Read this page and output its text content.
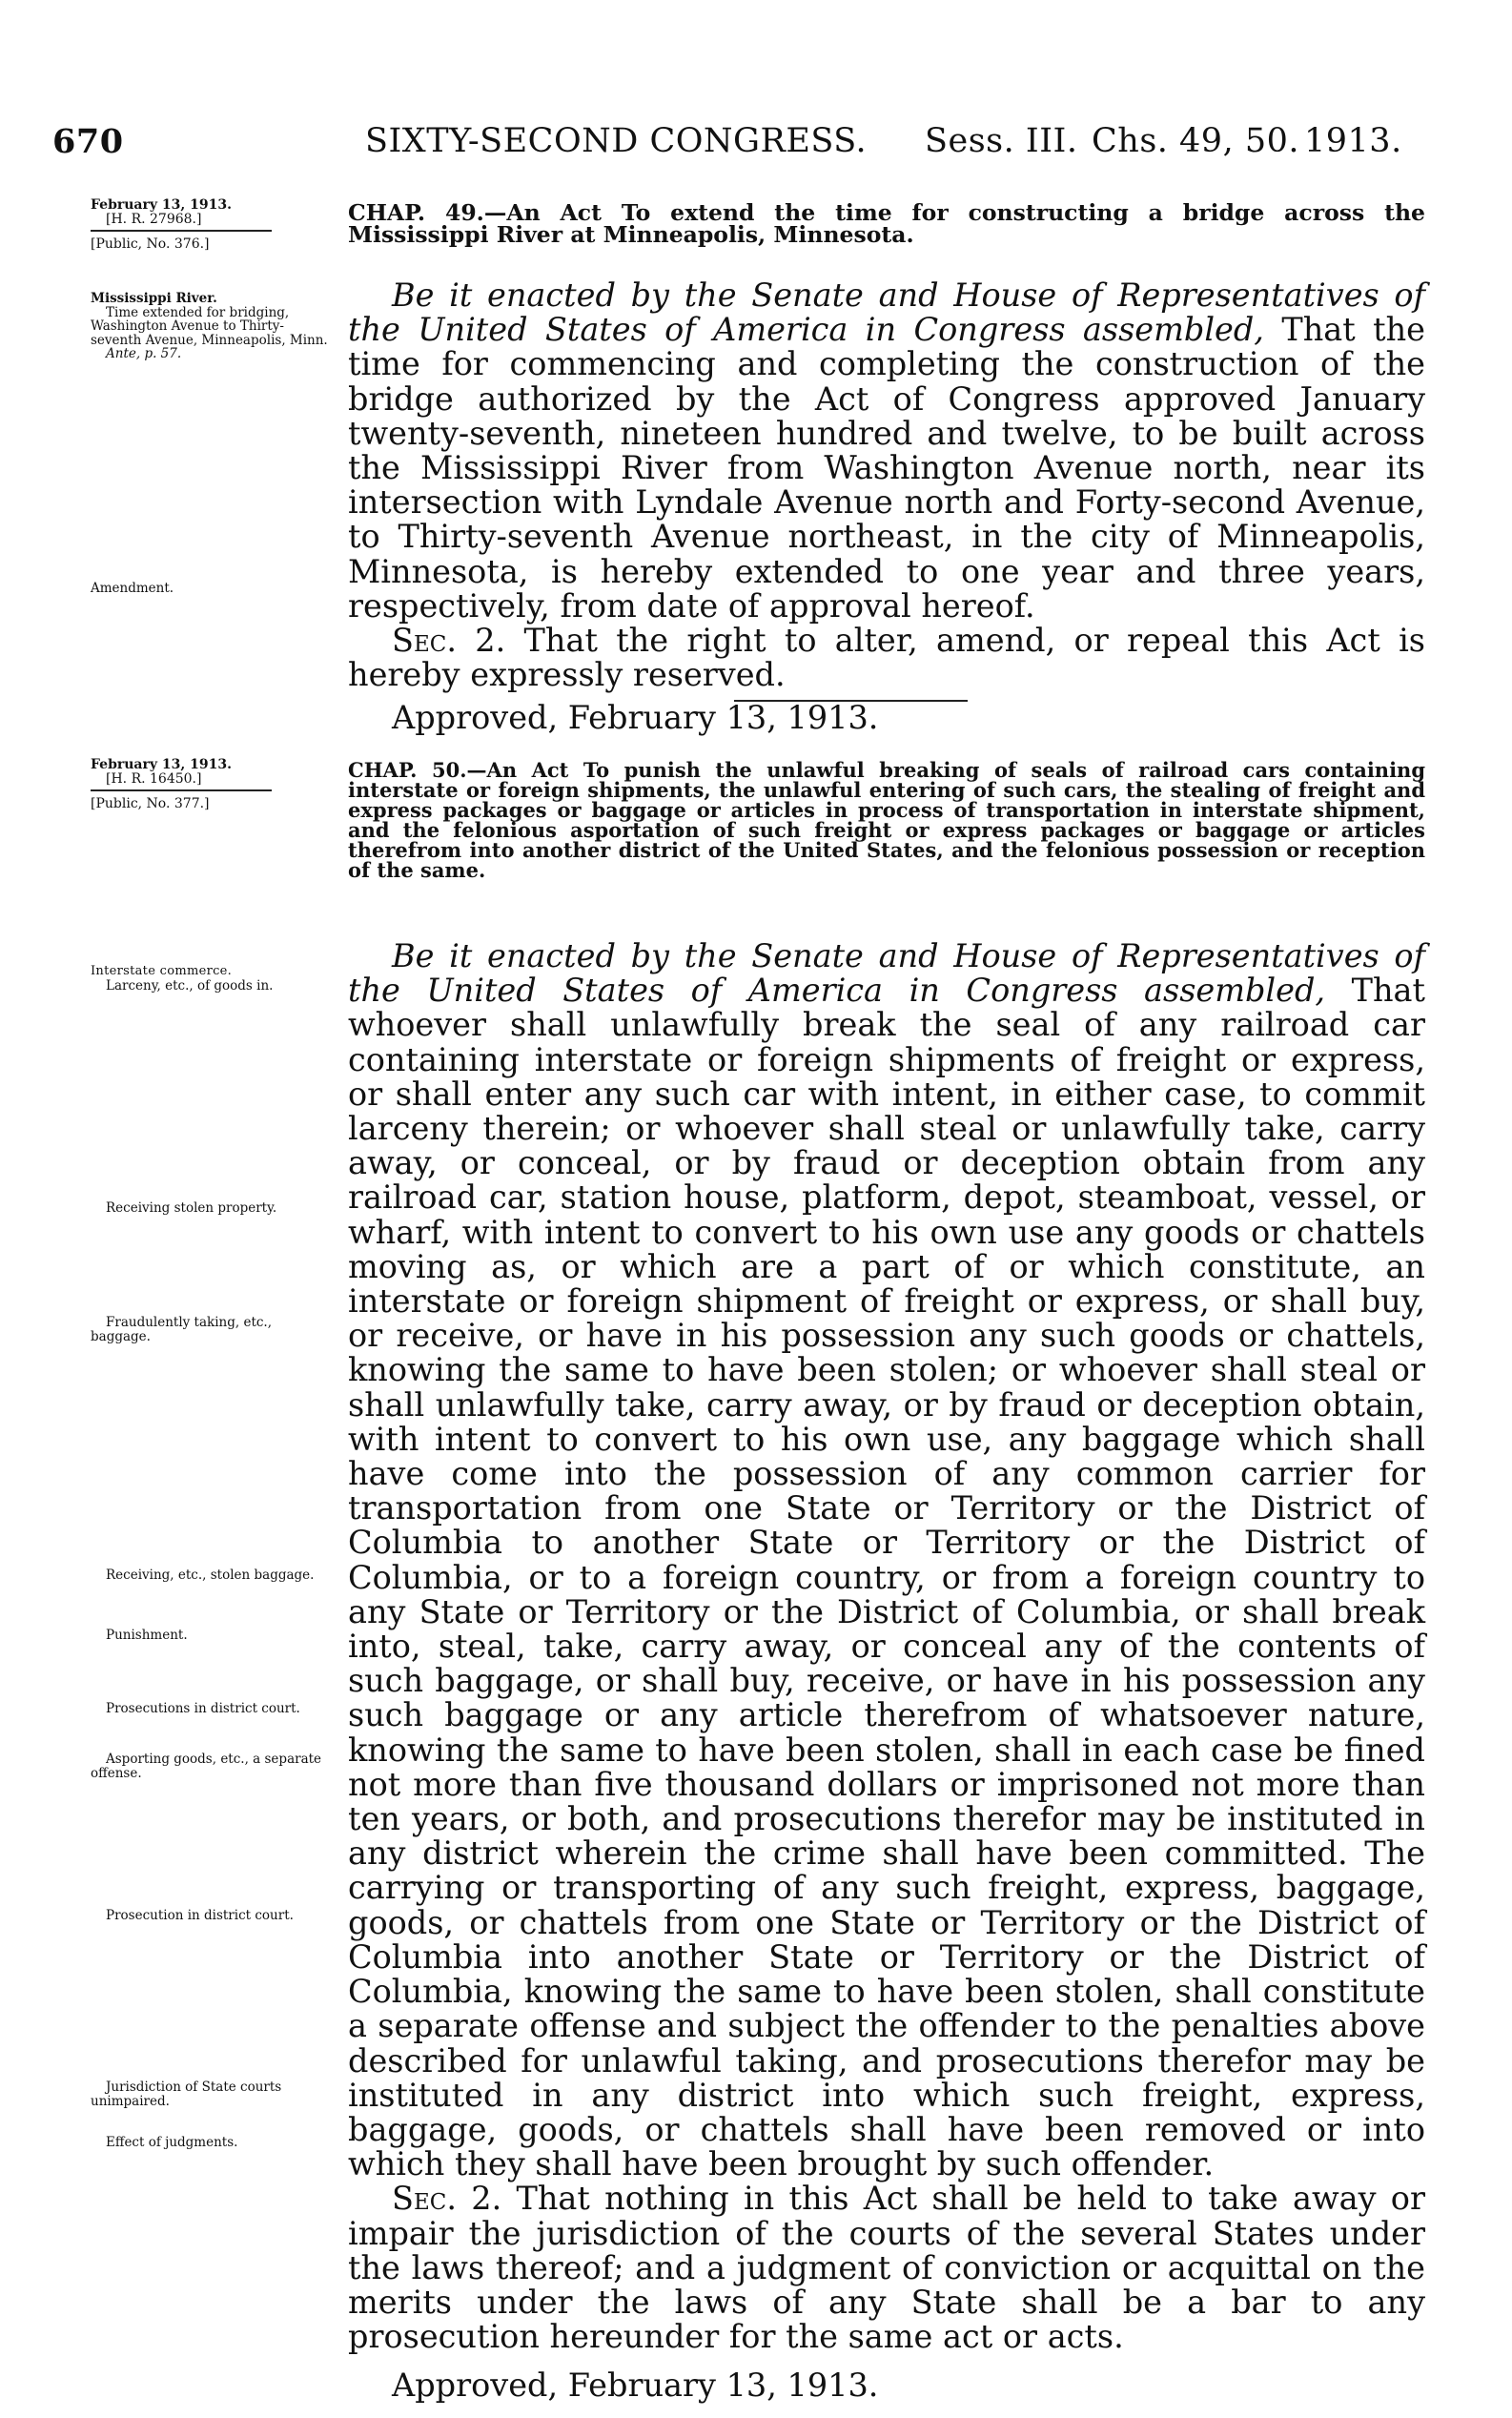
670	SIXTY-SECOND CONGRESS. Sess. III. Chs. 49, 50. 1913.

February 13, 1913.

[H. R. 27968.]

[Public, No. 376.]

Mississippi River.

Time extended for bridging, Washington Avenue to Thirty-seventh Avenue, Minneapolis, Minn.

Ante, p. 57.

Amendment.

CHAP. 49.—An Act To extend the time for constructing a bridge across the Mississippi River at Minneapolis, Minnesota.

Be it enacted by the Senate and House of Representatives of the United States of America in Congress assembled, That the time for commencing and completing the construction of the bridge authorized by the Act of Congress approved January twenty-seventh, nineteen hundred and twelve, to be built across the Mississippi River from Washington Avenue north, near its intersection with Lyndale Avenue north and Forty-second Avenue, to Thirty-seventh Avenue northeast, in the city of Minneapolis, Minnesota, is hereby extended to one year and three years, respectively, from date of approval hereof.

Sec. 2. That the right to alter, amend, or repeal this Act is hereby expressly reserved.

Approved, February 13, 1913.

February 13, 1913.

[H. R. 16450.]

[Public, No. 377.]

CHAP. 50.—An Act To punish the unlawful breaking of seals of railroad cars containing interstate or foreign shipments, the unlawful entering of such cars, the stealing of freight and express packages or baggage or articles in process of transportation in interstate shipment, and the felonious asportation of such freight or express packages or baggage or articles therefrom into another district of the United States, and the felonious possession or reception of the same.

Interstate commerce.

Larceny, etc., of goods in.

Receiving stolen property.

Fraudulently taking, etc., baggage.

Receiving, etc., stolen baggage.

Punishment.

Prosecutions in district court.

Asporting goods, etc., a separate offense.

Prosecution in district court.

Jurisdiction of State courts unimpaired.

Effect of judgments.

Be it enacted by the Senate and House of Representatives of the United States of America in Congress assembled, That whoever shall unlawfully break the seal of any railroad car containing interstate or foreign shipments of freight or express, or shall enter any such car with intent, in either case, to commit larceny therein; or whoever shall steal or unlawfully take, carry away, or conceal, or by fraud or deception obtain from any railroad car, station house, platform, depot, steamboat, vessel, or wharf, with intent to convert to his own use any goods or chattels moving as, or which are a part of or which constitute, an interstate or foreign shipment of freight or express, or shall buy, or receive, or have in his possession any such goods or chattels, knowing the same to have been stolen; or whoever shall steal or shall unlawfully take, carry away, or by fraud or deception obtain, with intent to convert to his own use, any baggage which shall have come into the possession of any common carrier for transportation from one State or Territory or the District of Columbia to another State or Territory or the District of Columbia, or to a foreign country, or from a foreign country to any State or Territory or the District of Columbia, or shall break into, steal, take, carry away, or conceal any of the contents of such baggage, or shall buy, receive, or have in his possession any such baggage or any article therefrom of whatsoever nature, knowing the same to have been stolen, shall in each case be fined not more than five thousand dollars or imprisoned not more than ten years, or both, and prosecutions therefor may be instituted in any district wherein the crime shall have been committed. The carrying or transporting of any such freight, express, baggage, goods, or chattels from one State or Territory or the District of Columbia into another State or Territory or the District of Columbia, knowing the same to have been stolen, shall constitute a separate offense and subject the offender to the penalties above described for unlawful taking, and prosecutions therefor may be instituted in any district into which such freight, express, baggage, goods, or chattels shall have been removed or into which they shall have been brought by such offender.

Sec. 2. That nothing in this Act shall be held to take away or impair the jurisdiction of the courts of the several States under the laws thereof; and a judgment of conviction or acquittal on the merits under the laws of any State shall be a bar to any prosecution hereunder for the same act or acts.

Approved, February 13, 1913.
